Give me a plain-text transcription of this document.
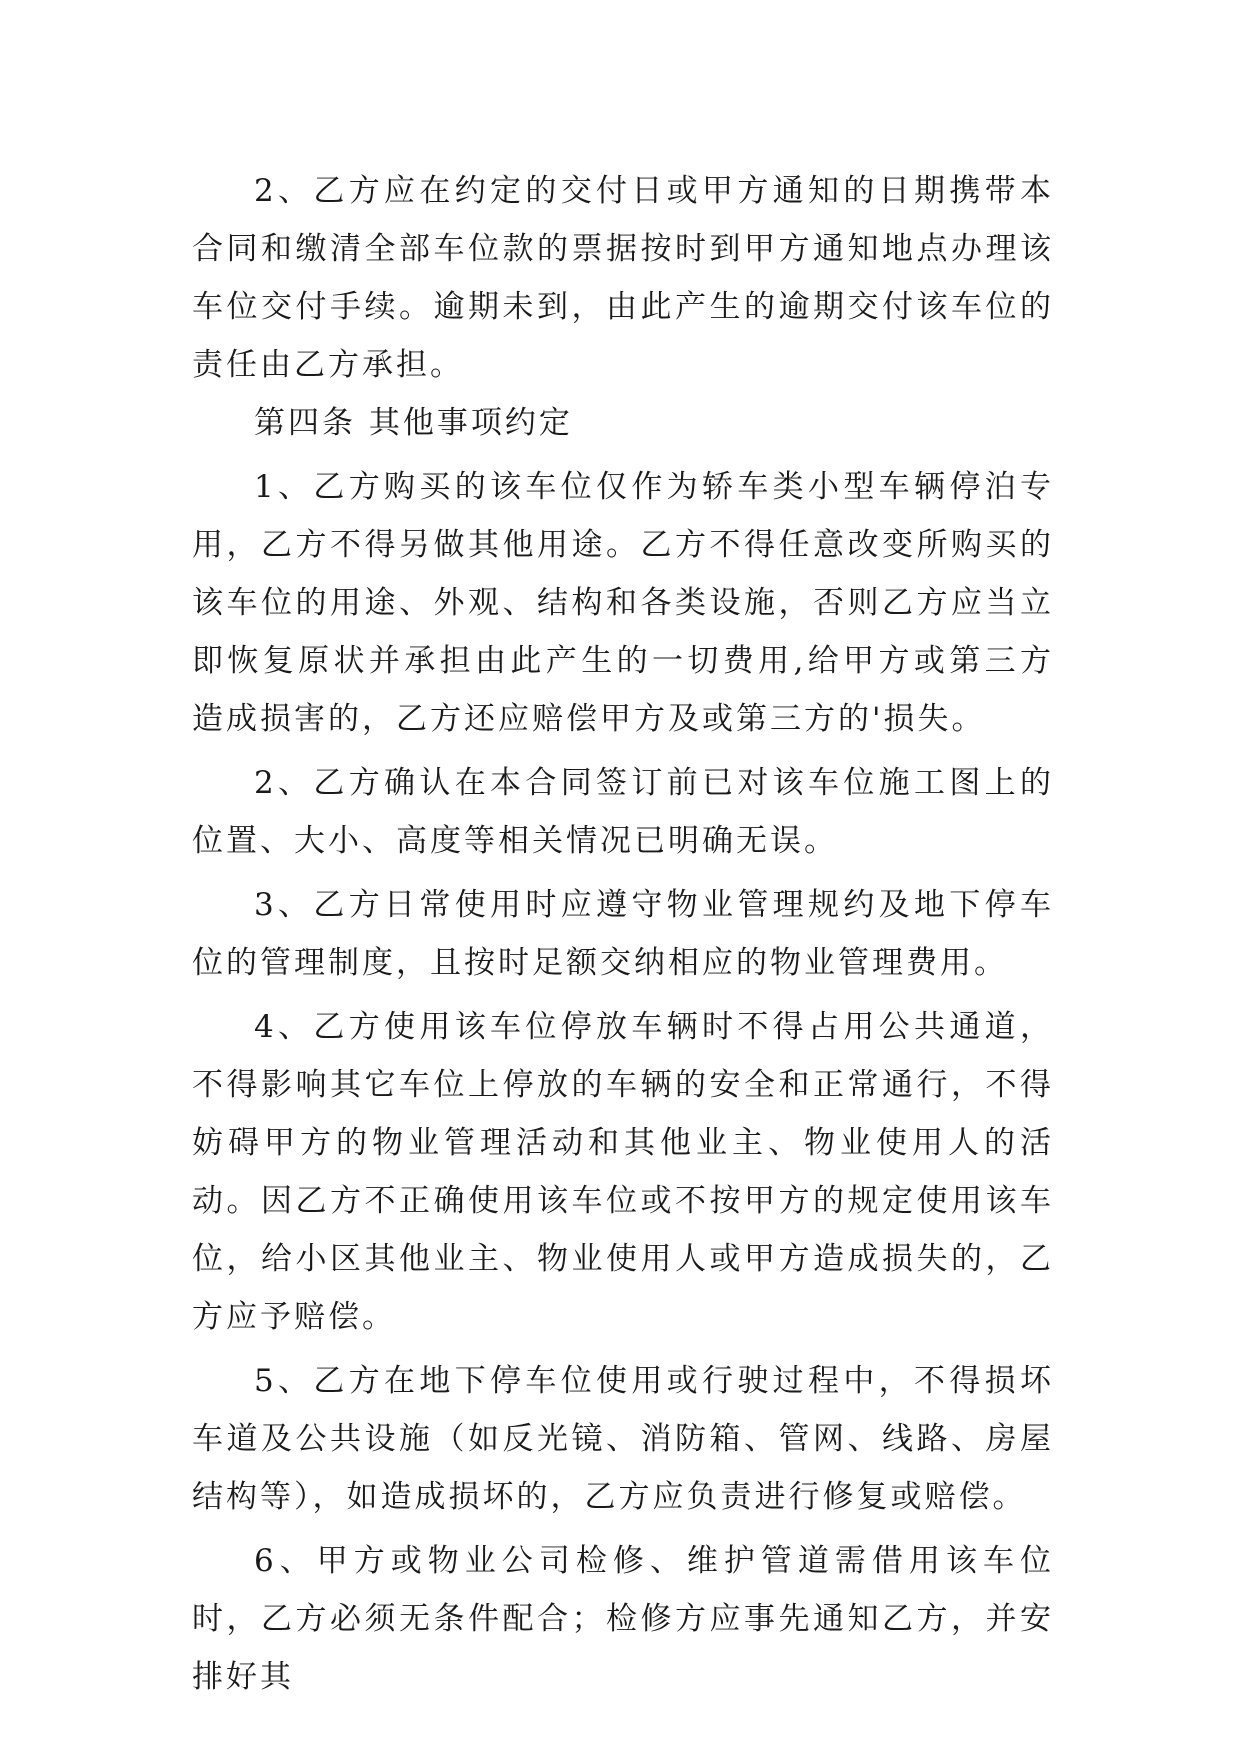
2、乙方应在约定的交付日或甲方通知的日期携带本合同和缴清全部车位款的票据按时到甲方通知地点办理该车位交付手续。逾期未到，由此产生的逾期交付该车位的责任由乙方承担。

第四条 其他事项约定

1、乙方购买的该车位仅作为轿车类小型车辆停泊专用，乙方不得另做其他用途。乙方不得任意改变所购买的该车位的用途、外观、结构和各类设施，否则乙方应当立即恢复原状并承担由此产生的一切费用,给甲方或第三方造成损害的，乙方还应赔偿甲方及或第三方的'损失。

2、乙方确认在本合同签订前已对该车位施工图上的位置、大小、高度等相关情况已明确无误。

3、乙方日常使用时应遵守物业管理规约及地下停车位的管理制度，且按时足额交纳相应的物业管理费用。

4、乙方使用该车位停放车辆时不得占用公共通道，不得影响其它车位上停放的车辆的安全和正常通行，不得妨碍甲方的物业管理活动和其他业主、物业使用人的活动。因乙方不正确使用该车位或不按甲方的规定使用该车位，给小区其他业主、物业使用人或甲方造成损失的，乙方应予赔偿。

5、乙方在地下停车位使用或行驶过程中，不得损坏车道及公共设施（如反光镜、消防箱、管网、线路、房屋结构等），如造成损坏的，乙方应负责进行修复或赔偿。

6、甲方或物业公司检修、维护管道需借用该车位时，乙方必须无条件配合；检修方应事先通知乙方，并安排好其
